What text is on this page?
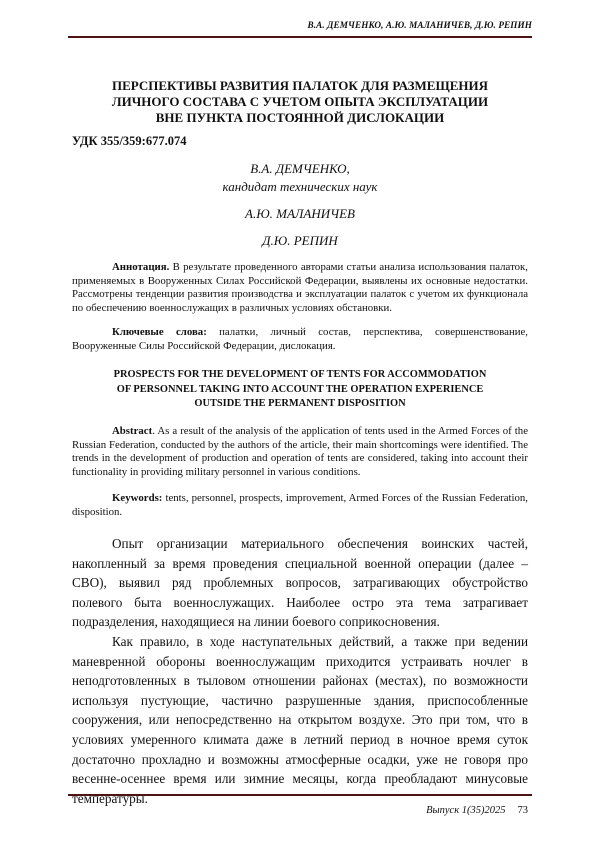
В.А. ДЕМЧЕНКО, А.Ю. МАЛАНИЧЕВ, Д.Ю. РЕПИН
ПЕРСПЕКТИВЫ РАЗВИТИЯ ПАЛАТОК ДЛЯ РАЗМЕЩЕНИЯ
ЛИЧНОГО СОСТАВА С УЧЕТОМ ОПЫТА ЭКСПЛУАТАЦИИ
ВНЕ ПУНКТА ПОСТОЯННОЙ ДИСЛОКАЦИИ
УДК 355/359:677.074
В.А. ДЕМЧЕНКО,
кандидат технических наук
А.Ю. МАЛАНИЧЕВ
Д.Ю. РЕПИН

Аннотация. В результате проведенного авторами статьи анализа использования палаток, применяемых в Вооруженных Силах Российской Федерации, выявлены их основные недостатки. Рассмотрены тенденции развития производства и эксплуатации палаток с учетом их функционала по обеспечению военнослужащих в различных условиях обстановки.

Ключевые слова: палатки, личный состав, перспектива, совершенствование, Вооруженные Силы Российской Федерации, дислокация.

PROSPECTS FOR THE DEVELOPMENT OF TENTS FOR ACCOMMODATION
OF PERSONNEL TAKING INTO ACCOUNT THE OPERATION EXPERIENCE
OUTSIDE THE PERMANENT DISPOSITION

Abstract. As a result of the analysis of the application of tents used in the Armed Forces of the Russian Federation, conducted by the authors of the article, their main shortcomings were identified. The trends in the development of production and operation of tents are considered, taking into account their functionality in providing military personnel in various conditions.

Keywords: tents, personnel, prospects, improvement, Armed Forces of the Russian Federation, disposition.

Опыт организации материального обеспечения воинских частей, накопленный за время проведения специальной военной операции (далее – СВО), выявил ряд проблемных вопросов, затрагивающих обустройство полевого быта военнослужащих. Наиболее остро эта тема затрагивает подразделения, находящиеся на линии боевого соприкосновения.

Как правило, в ходе наступательных действий, а также при ведении маневренной обороны военнослужащим приходится устраивать ночлег в неподготовленных в тыловом отношении районах (местах), по возможности используя пустующие, частично разрушенные здания, приспособленные сооружения, или непосредственно на открытом воздухе. Это при том, что в условиях умеренного климата даже в летний период в ночное время суток достаточно прохладно и возможны атмосферные осадки, уже не говоря про весенне-осеннее время или зимние месяцы, когда преобладают минусовые температуры.

Выпуск 1(35)2025 73
